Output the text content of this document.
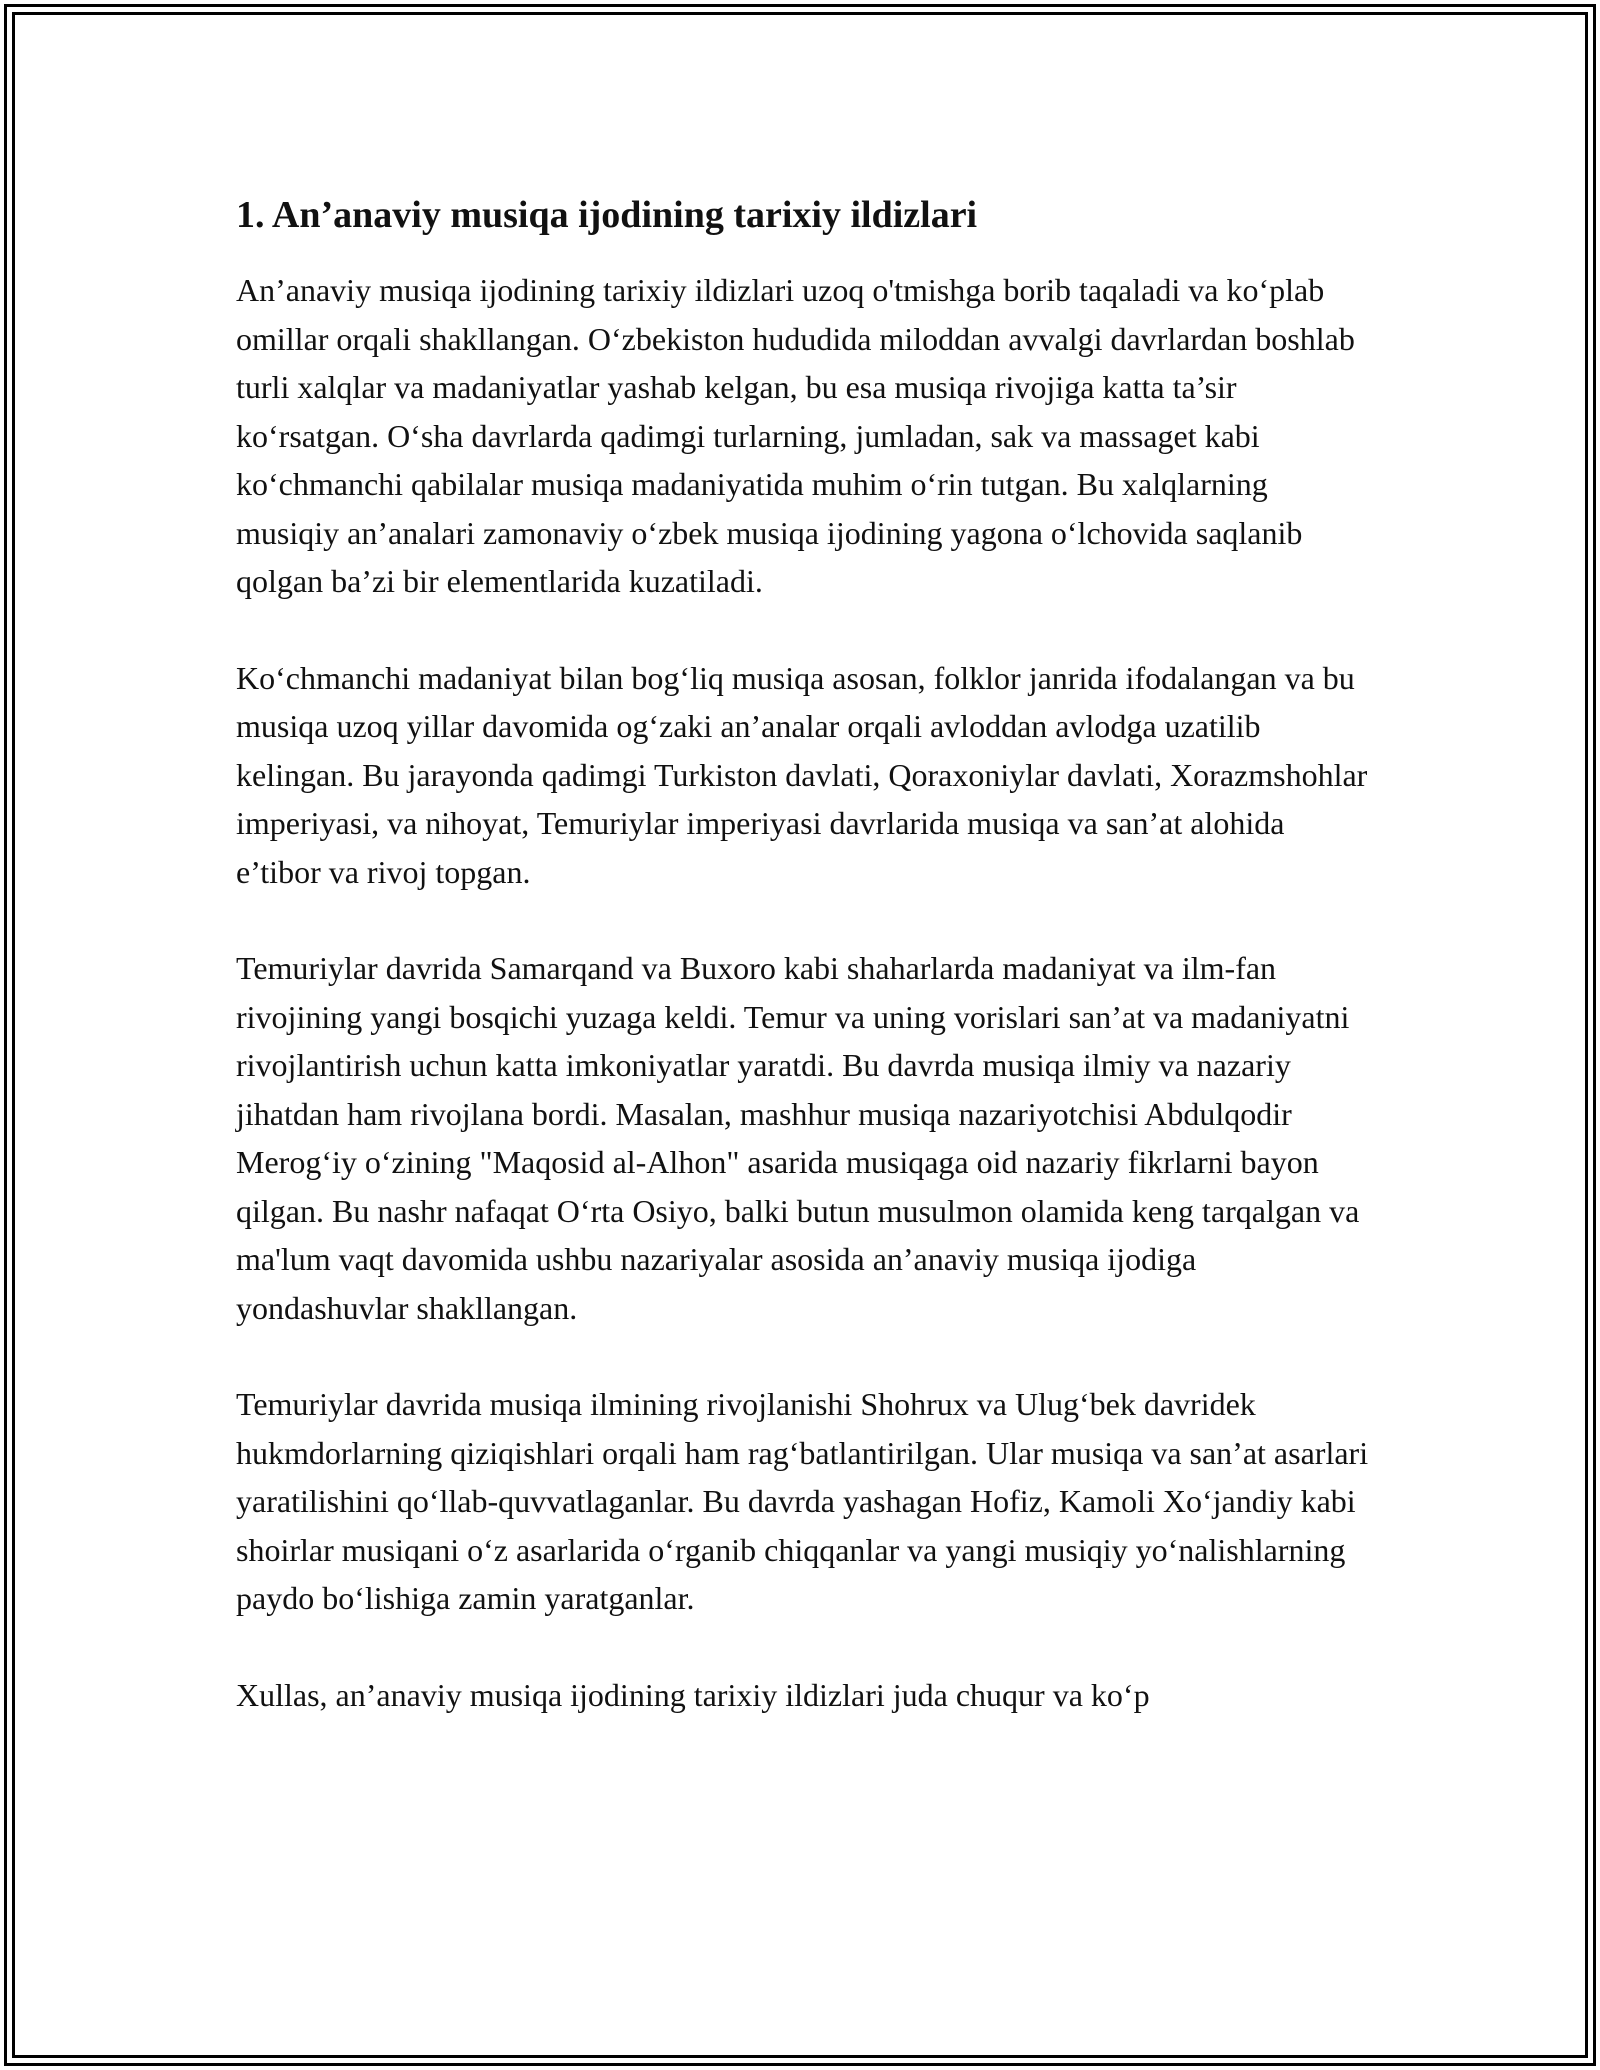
1. An’anaviy musiqa ijodining tarixiy ildizlari

An’anaviy musiqa ijodining tarixiy ildizlari uzoq o'tmishga borib taqaladi va ko‘plab omillar orqali shakllangan. O‘zbekiston hududida miloddan avvalgi davrlardan boshlab turli xalqlar va madaniyatlar yashab kelgan, bu esa musiqa rivojiga katta ta’sir ko‘rsatgan. O‘sha davrlarda qadimgi turlarning, jumladan, sak va massaget kabi ko‘chmanchi qabilalar musiqa madaniyatida muhim o‘rin tutgan. Bu xalqlarning musiqiy an’analari zamonaviy o‘zbek musiqa ijodining yagona o‘lchovida saqlanib qolgan ba’zi bir elementlarida kuzatiladi.

Ko‘chmanchi madaniyat bilan bog‘liq musiqa asosan, folklor janrida ifodalangan va bu musiqa uzoq yillar davomida og‘zaki an’analar orqali avloddan avlodga uzatilib kelingan. Bu jarayonda qadimgi Turkiston davlati, Qoraxoniylar davlati, Xorazmshohlar imperiyasi, va nihoyat, Temuriylar imperiyasi davrlarida musiqa va san’at alohida e’tibor va rivoj topgan.

Temuriylar davrida Samarqand va Buxoro kabi shaharlarda madaniyat va ilm-fan rivojining yangi bosqichi yuzaga keldi. Temur va uning vorislari san’at va madaniyatni rivojlantirish uchun katta imkoniyatlar yaratdi. Bu davrda musiqa ilmiy va nazariy jihatdan ham rivojlana bordi. Masalan, mashhur musiqa nazariyotchisi Abdulqodir Merog‘iy o‘zining "Maqosid al-Alhon" asarida musiqaga oid nazariy fikrlarni bayon qilgan. Bu nashr nafaqat O‘rta Osiyo, balki butun musulmon olamida keng tarqalgan va ma'lum vaqt davomida ushbu nazariyalar asosida an’anaviy musiqa ijodiga yondashuvlar shakllangan.

Temuriylar davrida musiqa ilmining rivojlanishi Shohrux va Ulug‘bek davridek hukmdorlarning qiziqishlari orqali ham rag‘batlantirilgan. Ular musiqa va san’at asarlari yaratilishini qo‘llab-quvvatlaganlar. Bu davrda yashagan Hofiz, Kamoli Xo‘jandiy kabi shoirlar musiqani o‘z asarlarida o‘rganib chiqqanlar va yangi musiqiy yo‘nalishlarning paydo bo‘lishiga zamin yaratganlar.

Xullas, an’anaviy musiqa ijodining tarixiy ildizlari juda chuqur va ko‘p
